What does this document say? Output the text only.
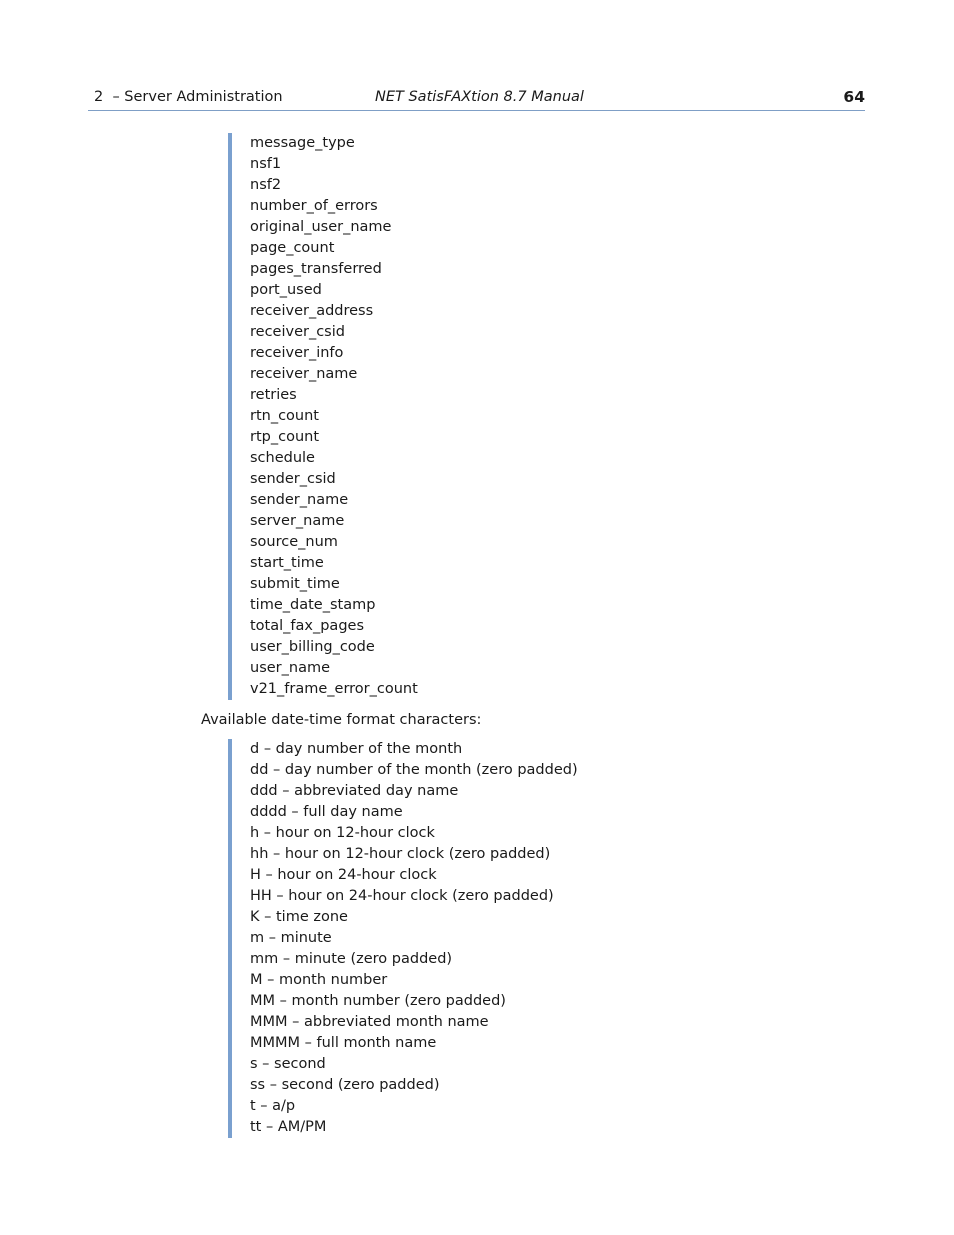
2  – Server Administration	NET SatisFAXtion 8.7 Manual	64
message_type
nsf1
nsf2
number_of_errors
original_user_name
page_count
pages_transferred
port_used
receiver_address
receiver_csid
receiver_info
receiver_name
retries
rtn_count
rtp_count
schedule
sender_csid
sender_name
server_name
source_num
start_time
submit_time
time_date_stamp
total_fax_pages
user_billing_code
user_name
v21_frame_error_count
Available date-time format characters:
d – day number of the month
dd – day number of the month (zero padded)
ddd – abbreviated day name
dddd – full day name
h – hour on 12-hour clock
hh – hour on 12-hour clock (zero padded)
H – hour on 24-hour clock
HH – hour on 24-hour clock (zero padded)
K – time zone
m – minute
mm – minute (zero padded)
M – month number
MM – month number (zero padded)
MMM – abbreviated month name
MMMM – full month name
s – second
ss – second (zero padded)
t – a/p
tt – AM/PM
